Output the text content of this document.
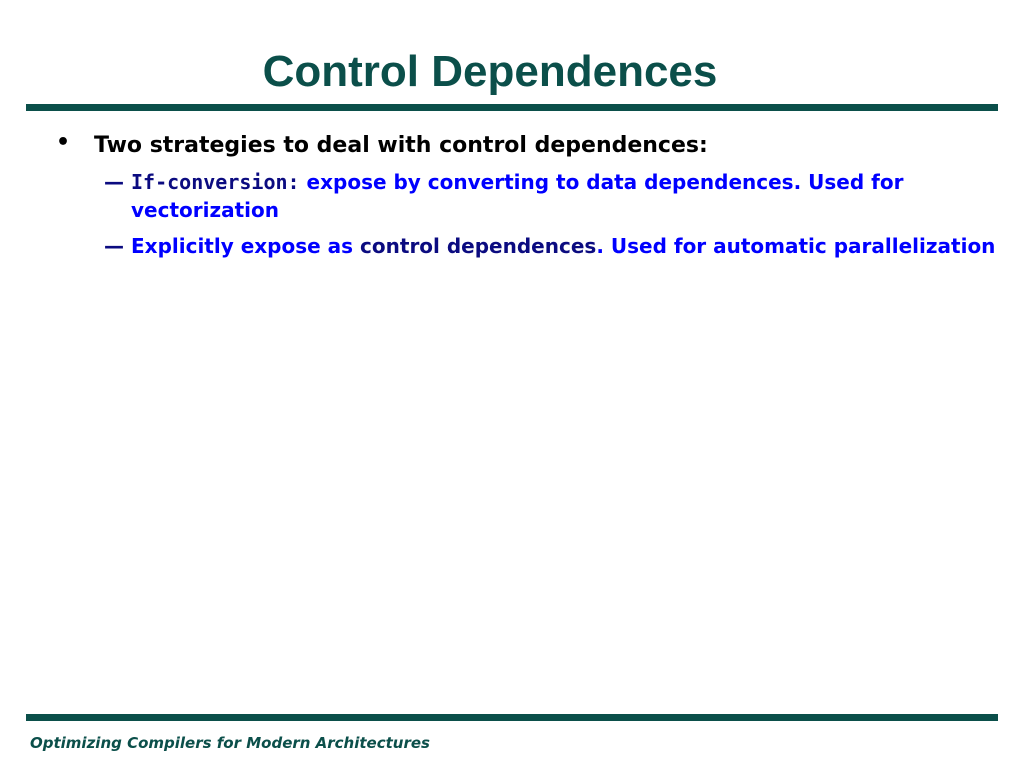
Control Dependences
• Two strategies to deal with control dependences:
— If-conversion: expose by converting to data dependences. Used for vectorization
— Explicitly expose as control dependences. Used for automatic parallelization
Optimizing Compilers for Modern Architectures
